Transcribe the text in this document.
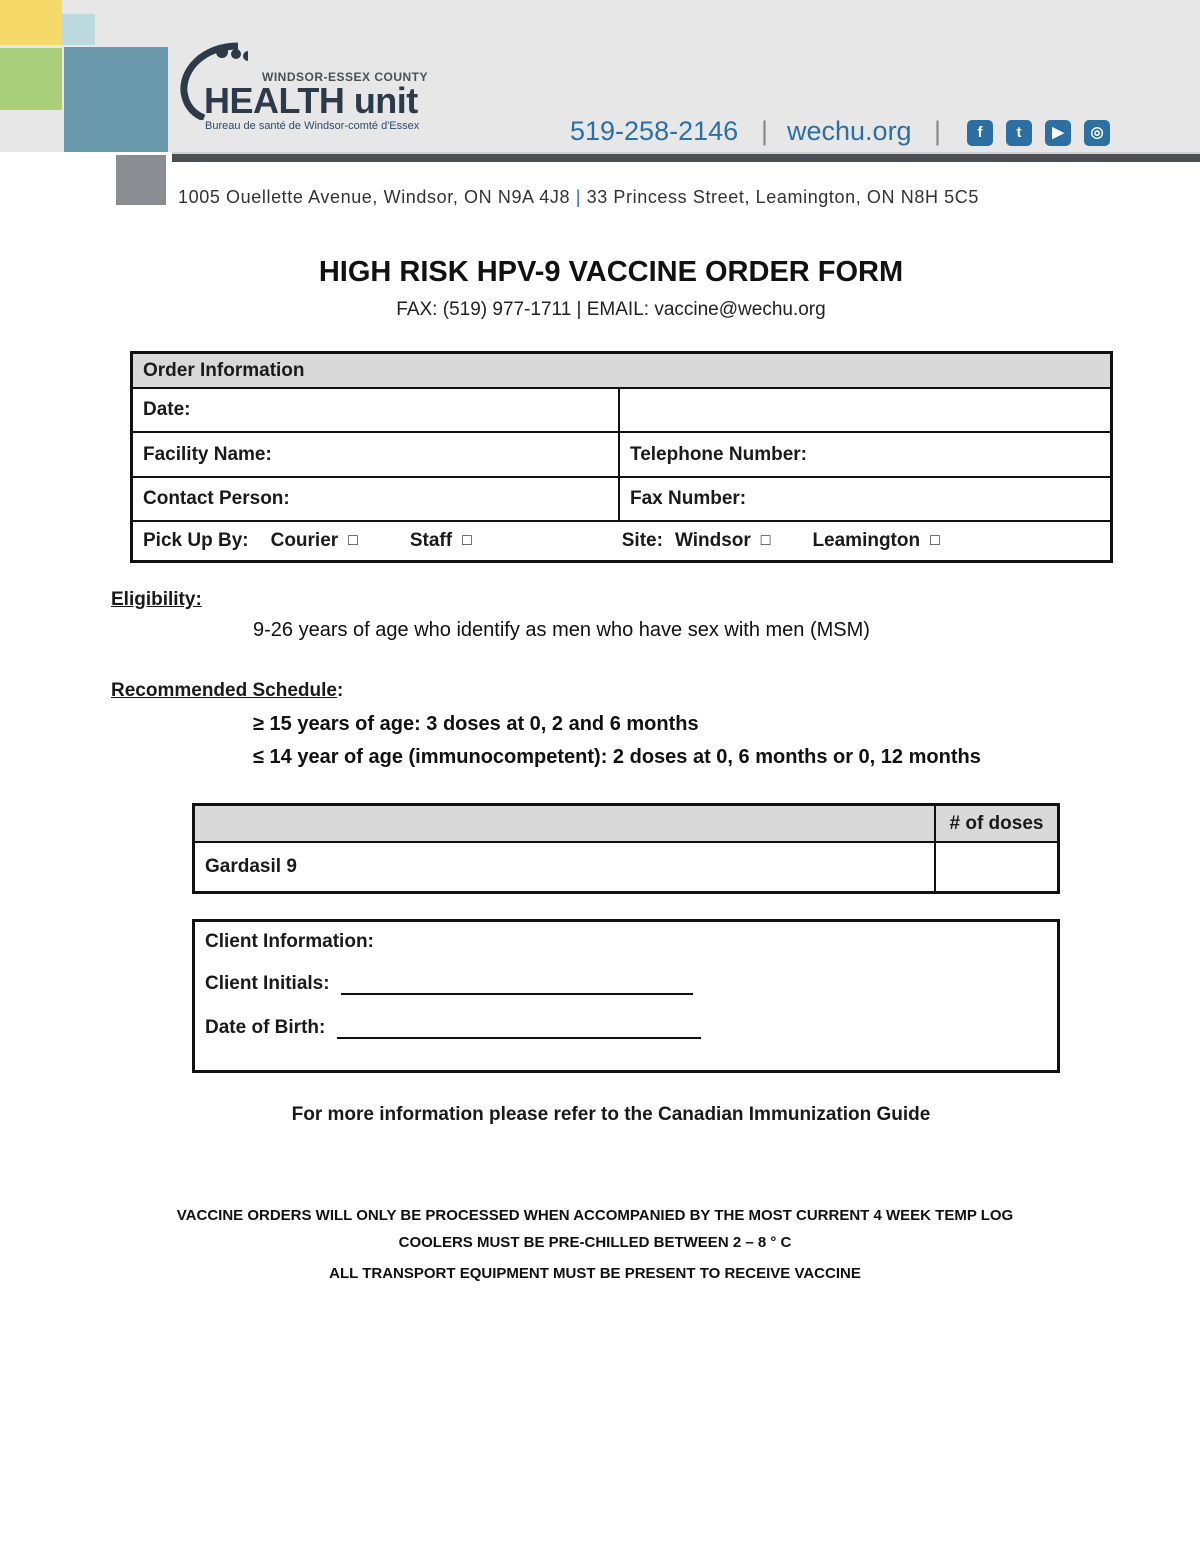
WINDSOR-ESSEX COUNTY
HEALTH unit
Bureau de santé de Windsor-comté d'Essex	519-258-2146 | wechu.org |	f	t	▶	◎
1005 Ouellette Avenue, Windsor, ON N9A 4J8 | 33 Princess Street, Leamington, ON N8H 5C5
HIGH RISK HPV-9 VACCINE ORDER FORM
FAX: (519) 977-1711 | EMAIL: vaccine@wechu.org
Order Information
Date:
Facility Name:	Telephone Number:
Contact Person:	Fax Number:
Pick Up By: Courier □	Staff □	Site: Windsor □ Leamington □
Eligibility:
9-26 years of age who identify as men who have sex with men (MSM)
Recommended Schedule:
≥ 15 years of age: 3 doses at 0, 2 and 6 months
≤ 14 year of age (immunocompetent): 2 doses at 0, 6 months or 0, 12 months
# of doses
Gardasil 9
Client Information:
Client Initials:
Date of Birth:
For more information please refer to the Canadian Immunization Guide
VACCINE ORDERS WILL ONLY BE PROCESSED WHEN ACCOMPANIED BY THE MOST CURRENT 4 WEEK TEMP LOG
COOLERS MUST BE PRE-CHILLED BETWEEN 2 – 8 ° C
ALL TRANSPORT EQUIPMENT MUST BE PRESENT TO RECEIVE VACCINE
